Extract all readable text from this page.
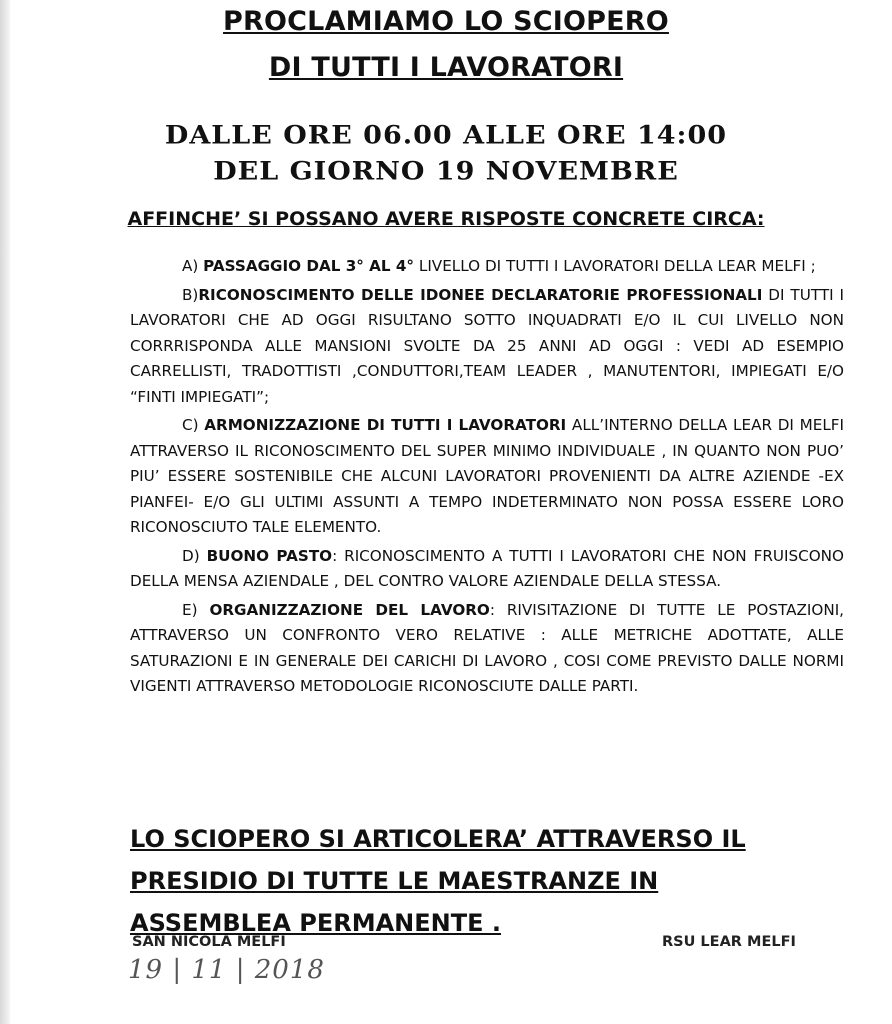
PROCLAMIAMO LO SCIOPERO
DI TUTTI I LAVORATORI
DALLE ORE 06.00 ALLE ORE 14:00
DEL GIORNO 19 NOVEMBRE
AFFINCHE’ SI POSSANO AVERE RISPOSTE CONCRETE CIRCA:

A) PASSAGGIO DAL 3° AL 4° LIVELLO DI TUTTI I LAVORATORI DELLA LEAR MELFI ;

B)RICONOSCIMENTO DELLE IDONEE DECLARATORIE PROFESSIONALI DI TUTTI I LAVORATORI CHE AD OGGI RISULTANO SOTTO INQUADRATI E/O IL CUI LIVELLO NON CORRRISPONDA ALLE MANSIONI SVOLTE DA 25 ANNI AD OGGI : VEDI AD ESEMPIO CARRELLISTI, TRADOTTISTI ,CONDUTTORI,TEAM LEADER , MANUTENTORI, IMPIEGATI E/O “FINTI IMPIEGATI”;

C) ARMONIZZAZIONE DI TUTTI I LAVORATORI ALL’INTERNO DELLA LEAR DI MELFI ATTRAVERSO IL RICONOSCIMENTO DEL SUPER MINIMO INDIVIDUALE , IN QUANTO NON PUO’ PIU’ ESSERE SOSTENIBILE CHE ALCUNI LAVORATORI PROVENIENTI DA ALTRE AZIENDE -EX PIANFEI- E/O GLI ULTIMI ASSUNTI A TEMPO INDETERMINATO NON POSSA ESSERE LORO RICONOSCIUTO TALE ELEMENTO.

D) BUONO PASTO: RICONOSCIMENTO A TUTTI I LAVORATORI CHE NON FRUISCONO DELLA MENSA AZIENDALE , DEL CONTRO VALORE AZIENDALE DELLA STESSA.

E) ORGANIZZAZIONE DEL LAVORO: RIVISITAZIONE DI TUTTE LE POSTAZIONI, ATTRAVERSO UN CONFRONTO VERO RELATIVE : ALLE METRICHE ADOTTATE, ALLE SATURAZIONI E IN GENERALE DEI CARICHI DI LAVORO , COSI COME PREVISTO DALLE NORMI VIGENTI ATTRAVERSO METODOLOGIE RICONOSCIUTE DALLE PARTI.

LO SCIOPERO SI ARTICOLERA’ ATTRAVERSO IL
PRESIDIO DI TUTTE LE MAESTRANZE IN
ASSEMBLEA PERMANENTE .
SAN NICOLA MELFI	RSU LEAR MELFI
19 | 11 | 2018
